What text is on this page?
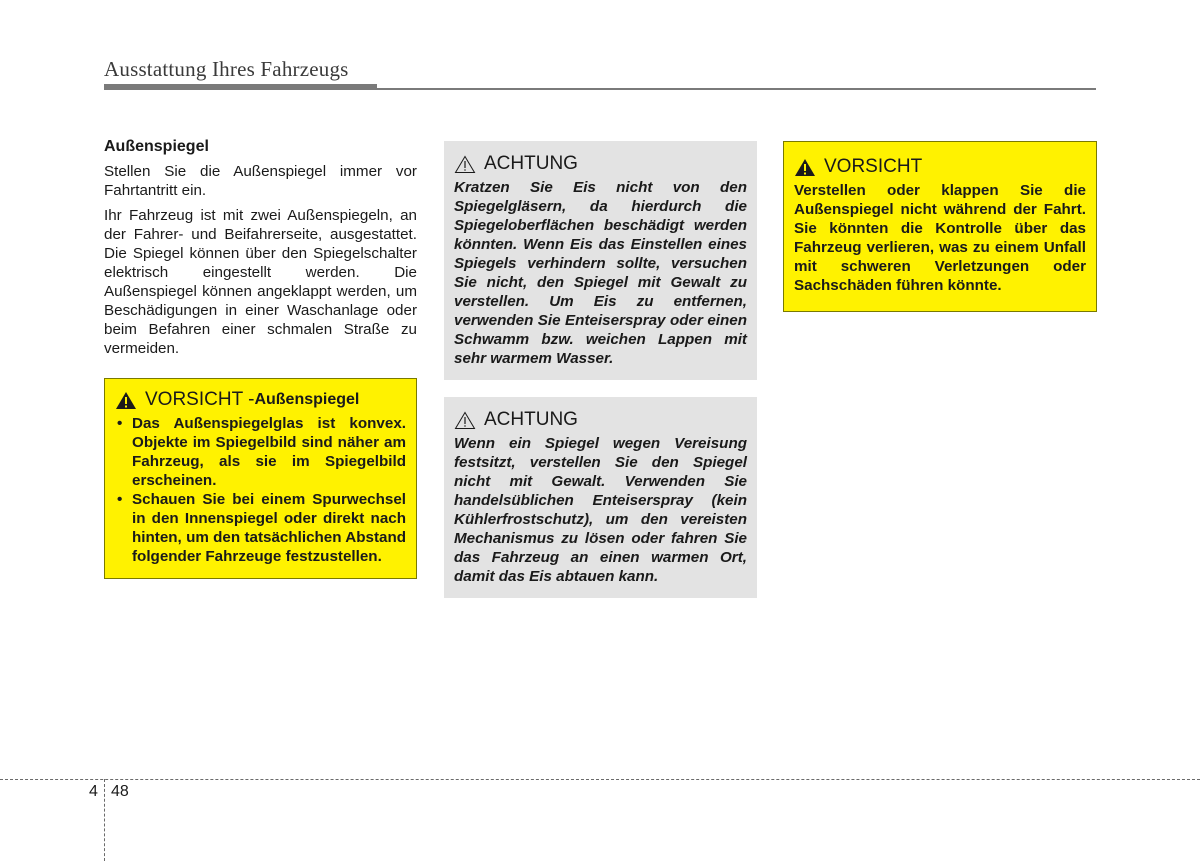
Ausstattung Ihres Fahrzeugs
Außenspiegel

Stellen Sie die Außenspiegel immer vor Fahrtantritt ein.

Ihr Fahrzeug ist mit zwei Außenspiegeln, an der Fahrer- und Beifahrerseite, ausgestattet. Die Spiegel können über den Spiegelschalter elektrisch eingestellt werden. Die Außenspiegel können angeklappt werden, um Beschädigungen in einer Waschanlage oder beim Befahren einer schmalen Straße zu vermeiden.

VORSICHT - Außenspiegel
• Das Außenspiegelglas ist konvex. Objekte im Spiegelbild sind näher am Fahrzeug, als sie im Spiegelbild erscheinen.
• Schauen Sie bei einem Spurwechsel in den Innenspiegel oder direkt nach hinten, um den tatsächlichen Abstand folgender Fahrzeuge festzustellen.
ACHTUNG
Kratzen Sie Eis nicht von den Spiegelgläsern, da hierdurch die Spiegeloberflächen beschädigt werden könnten. Wenn Eis das Einstellen eines Spiegels verhindern sollte, versuchen Sie nicht, den Spiegel mit Gewalt zu verstellen. Um Eis zu entfernen, verwenden Sie Enteiserspray oder einen Schwamm bzw. weichen Lappen mit sehr warmem Wasser.
ACHTUNG
Wenn ein Spiegel wegen Vereisung festsitzt, verstellen Sie den Spiegel nicht mit Gewalt. Verwenden Sie handelsüblichen Enteiserspray (kein Kühlerfrostschutz), um den vereisten Mechanismus zu lösen oder fahren Sie das Fahrzeug an einen warmen Ort, damit das Eis abtauen kann.
VORSICHT
Verstellen oder klappen Sie die Außenspiegel nicht während der Fahrt. Sie könnten die Kontrolle über das Fahrzeug verlieren, was zu einem Unfall mit schweren Verletzungen oder Sachschäden führen könnte.
4 48
